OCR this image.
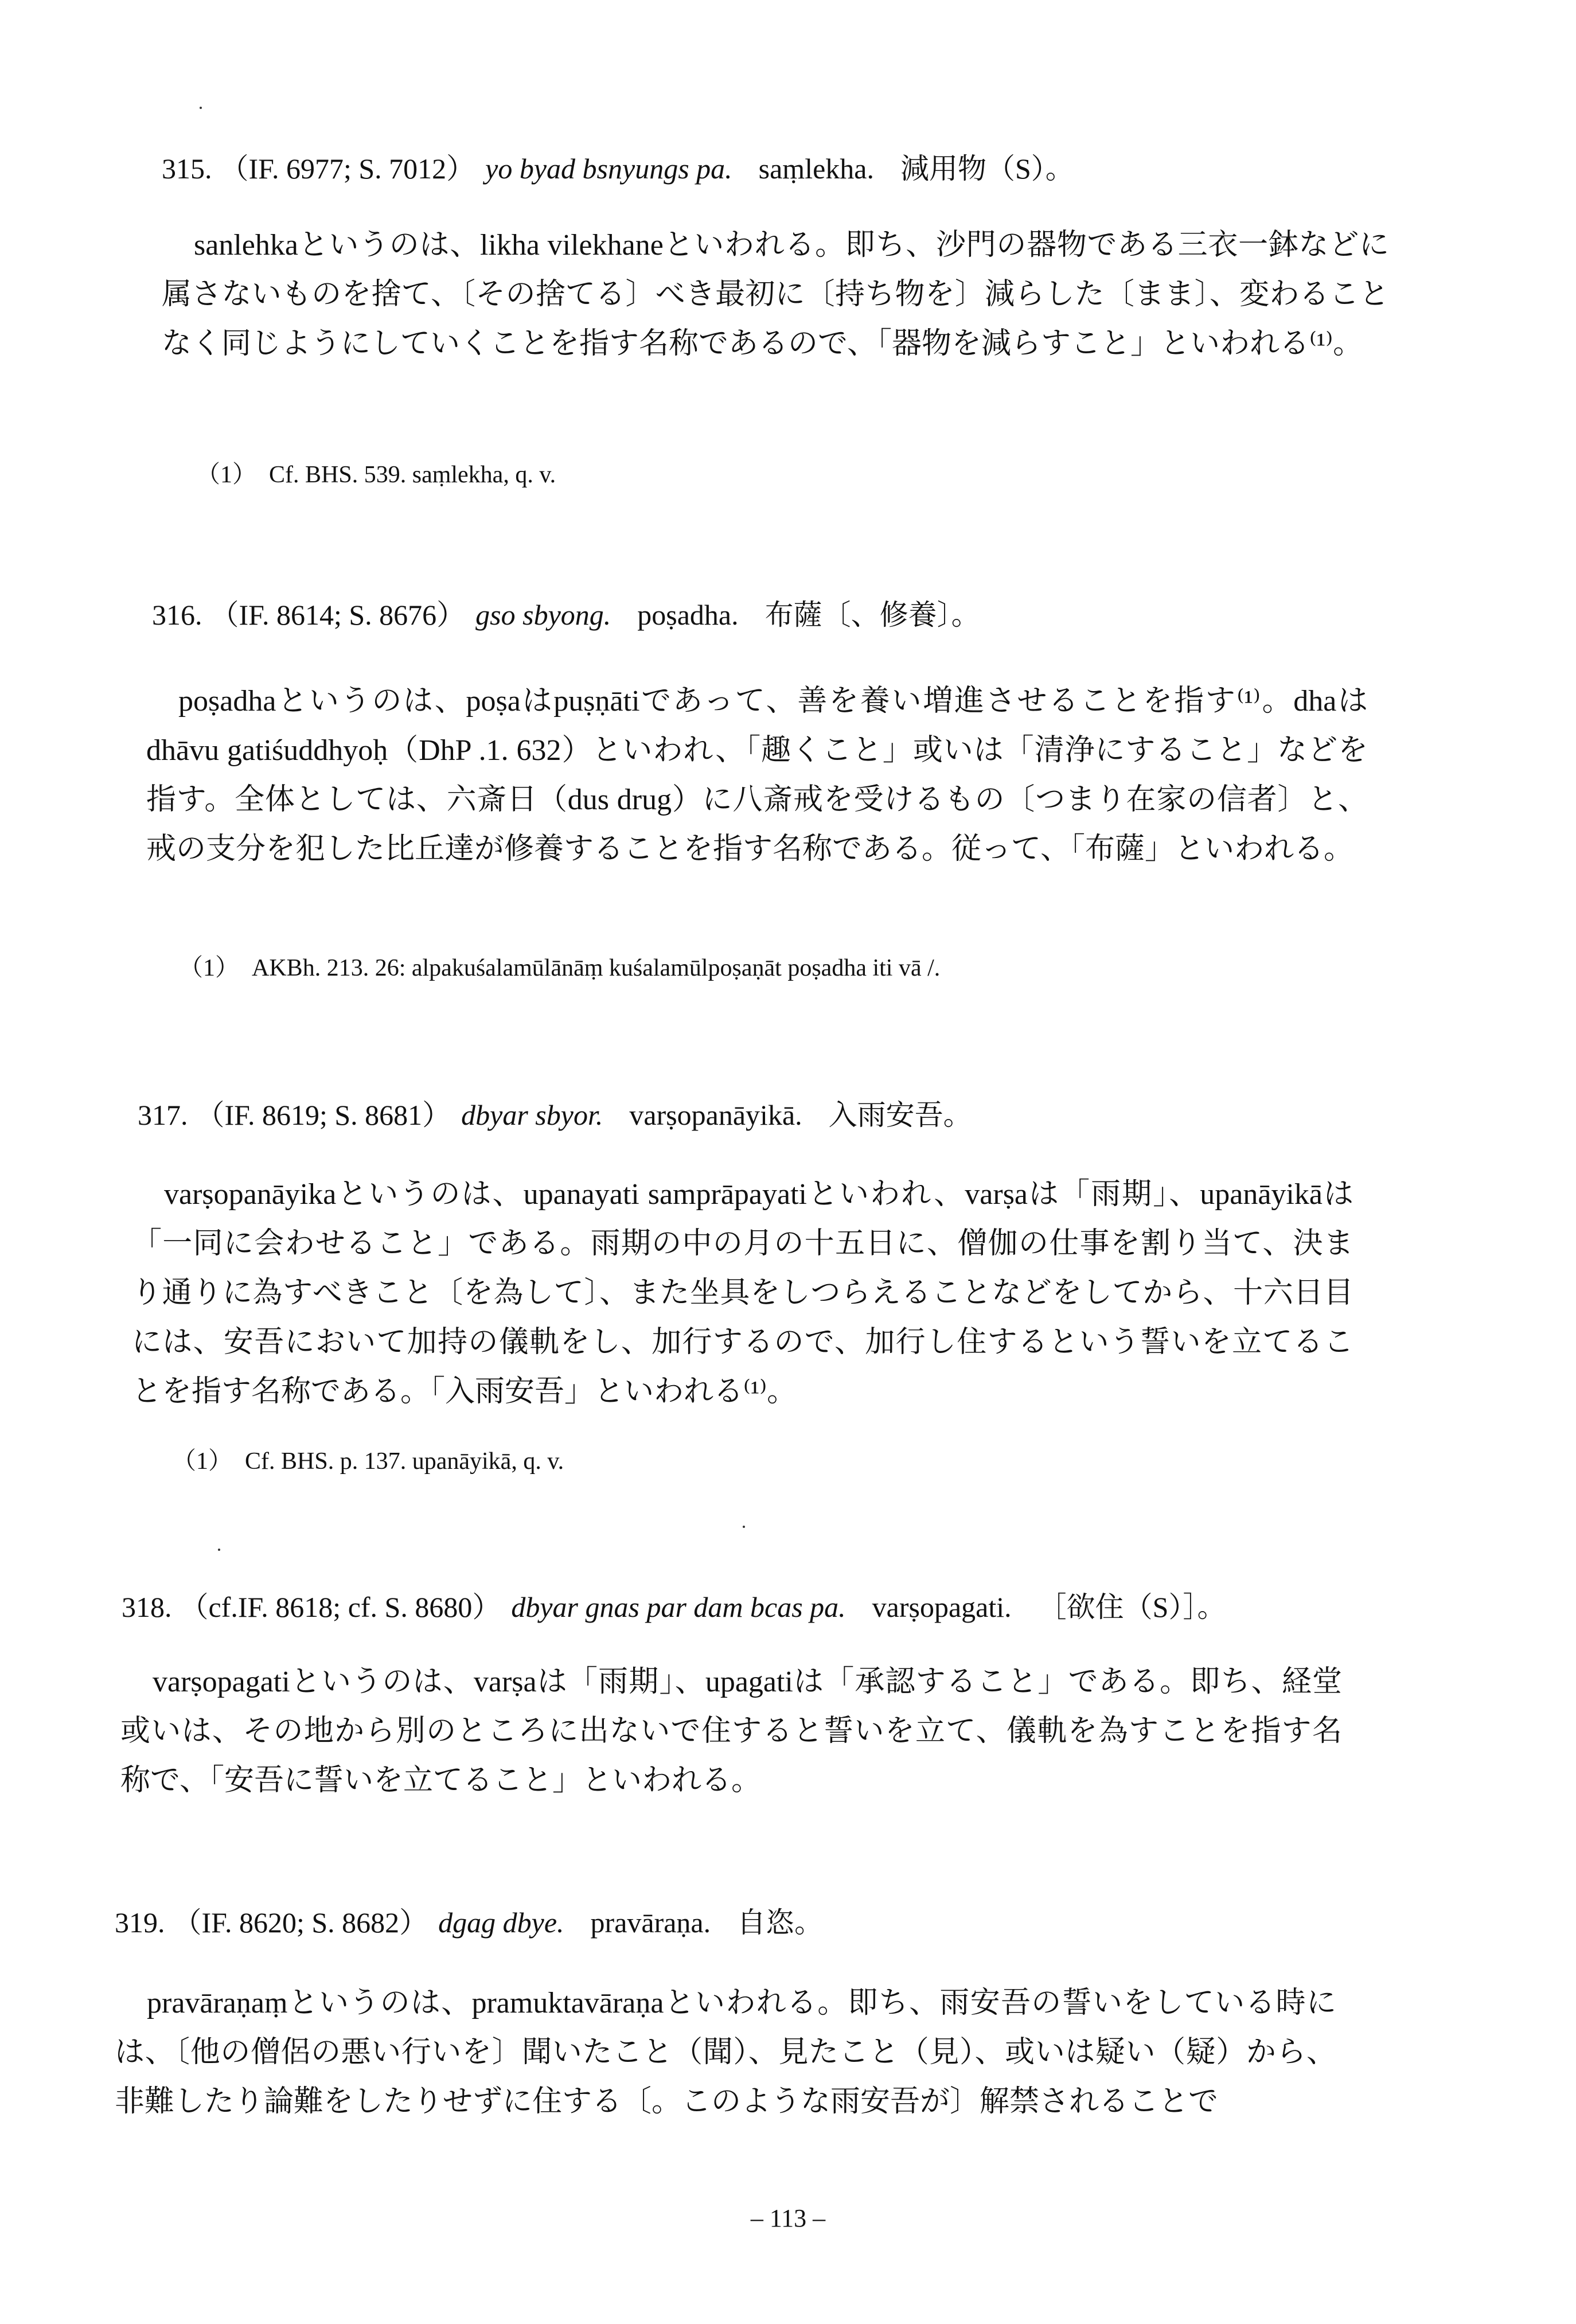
315. （IF. 6977; S. 7012） yo byad bsnyungs pa. saṃlekha. 減用物（S）。

sanlehkaというのは、likha vilekhaneといわれる。即ち、沙門の器物である三衣一鉢などに属さないものを捨て、〔その捨てる〕べき最初に〔持ち物を〕減らした〔まま〕、変わることなく同じようにしていくことを指す名称であるので、「器物を減らすこと」といわれる⁽¹⁾。

（1） Cf. BHS. 539. saṃlekha, q. v.
316. （IF. 8614; S. 8676） gso sbyong. poṣadha. 布薩〔、修養〕。

poṣadhaというのは、poṣaはpuṣṇātiであって、善を養い増進させることを指す⁽¹⁾。dhaはdhāvu gatiśuddhyoḥ（DhP .1. 632）といわれ、「趣くこと」或いは「清浄にすること」などを指す。全体としては、六斎日（dus drug）に八斎戒を受けるもの〔つまり在家の信者〕と、戒の支分を犯した比丘達が修養することを指す名称である。従って、「布薩」といわれる。

（1） AKBh. 213. 26: alpakuśalamūlānāṃ kuśalamūlpoṣaṇāt poṣadha iti vā /.
317. （IF. 8619; S. 8681） dbyar sbyor. varṣopanāyikā. 入雨安吾。

varṣopanāyikaというのは、upanayati samprāpayatiといわれ、varṣaは「雨期」、upanāyikāは「一同に会わせること」である。雨期の中の月の十五日に、僧伽の仕事を割り当て、決まり通りに為すべきこと〔を為して〕、また坐具をしつらえることなどをしてから、十六日目には、安吾において加持の儀軌をし、加行するので、加行し住するという誓いを立てることを指す名称である。「入雨安吾」といわれる⁽¹⁾。

（1） Cf. BHS. p. 137. upanāyikā, q. v.
318. （cf.IF. 8618; cf. S. 8680） dbyar gnas par dam bcas pa. varṣopagati. ［欲住（S）］。

varṣopagatiというのは、varṣaは「雨期」、upagatiは「承認すること」である。即ち、経堂或いは、その地から別のところに出ないで住すると誓いを立て、儀軌を為すことを指す名称で、「安吾に誓いを立てること」といわれる。

319. （IF. 8620; S. 8682） dgag dbye. pravāraṇa. 自恣。

pravāraṇaṃというのは、pramuktavāraṇaといわれる。即ち、雨安吾の誓いをしている時には、〔他の僧侶の悪い行いを〕聞いたこと（聞）、見たこと（見）、或いは疑い（疑）から、非難したり論難をしたりせずに住する〔。このような雨安吾が〕解禁されることで

– 113 –
